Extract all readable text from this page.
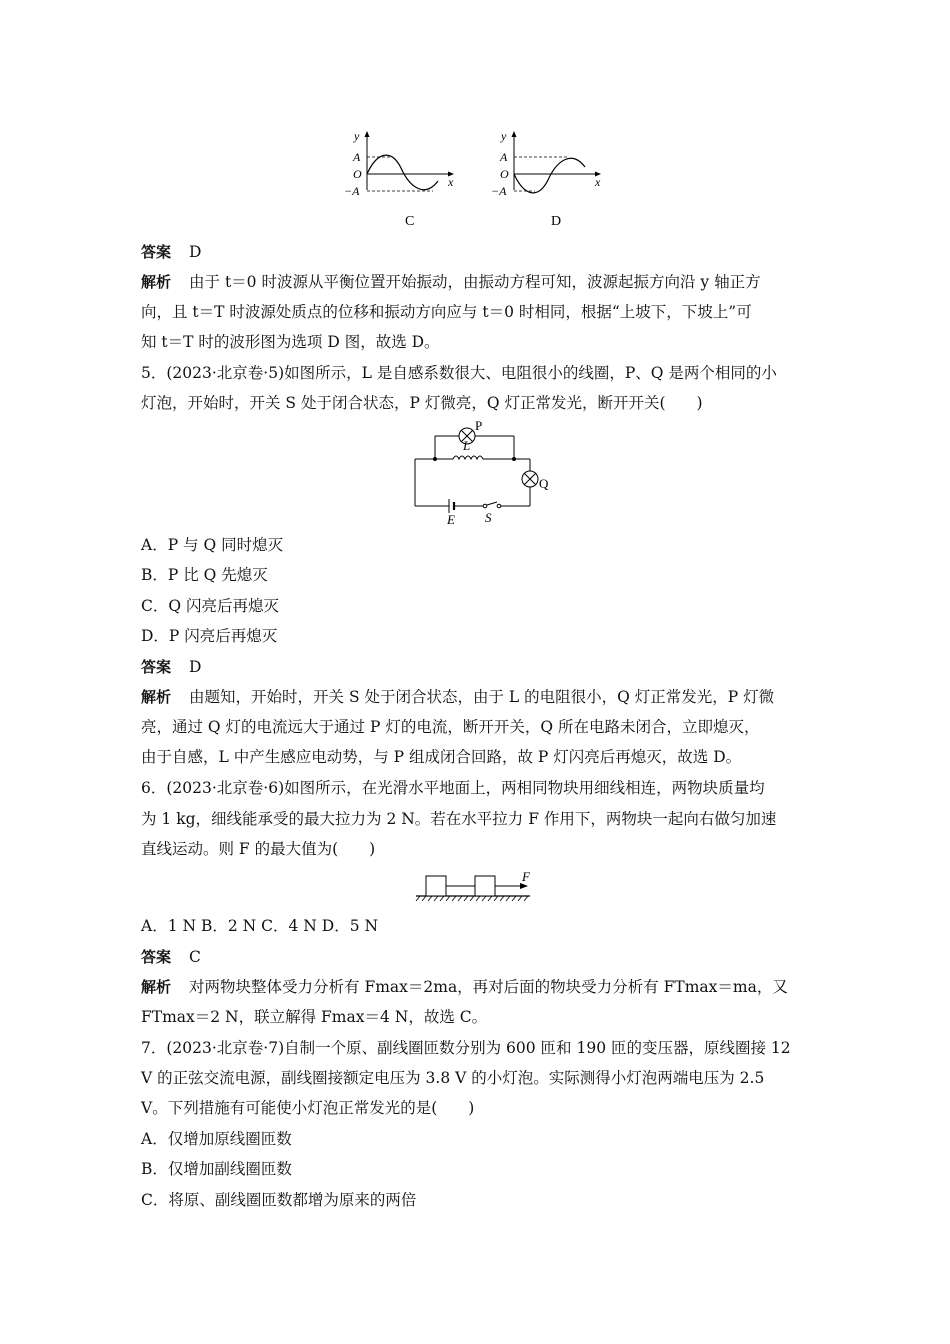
y
x
A
O
−A
C
y
x
A
O
−A
D
答案 D
解析 由于 t＝0 时波源从平衡位置开始振动，由振动方程可知，波源起振方向沿 y 轴正方
向，且 t＝T 时波源处质点的位移和振动方向应与 t＝0 时相同，根据“上坡下，下坡上”可
知 t＝T 时的波形图为选项 D 图，故选 D。
5．(2023·北京卷·5)如图所示，L 是自感系数很大、电阻很小的线圈，P、Q 是两个相同的小
灯泡，开始时，开关 S 处于闭合状态，P 灯微亮，Q 灯正常发光，断开开关(　　)
P
L
E S
Q
A．P 与 Q 同时熄灭
B．P 比 Q 先熄灭
C．Q 闪亮后再熄灭
D．P 闪亮后再熄灭
答案 D
解析 由题知，开始时，开关 S 处于闭合状态，由于 L 的电阻很小，Q 灯正常发光，P 灯微
亮，通过 Q 灯的电流远大于通过 P 灯的电流，断开开关，Q 所在电路未闭合，立即熄灭，
由于自感，L 中产生感应电动势，与 P 组成闭合回路，故 P 灯闪亮后再熄灭，故选 D。
6．(2023·北京卷·6)如图所示，在光滑水平地面上，两相同物块用细线相连，两物块质量均
为 1 kg，细线能承受的最大拉力为 2 N。若在水平拉力 F 作用下，两物块一起向右做匀加速
直线运动。则 F 的最大值为(　　)
F
A．1 N B．2 N C．4 N D．5 N
答案 C
解析 对两物块整体受力分析有 Fmax＝2ma，再对后面的物块受力分析有 FTmax＝ma，又
FTmax＝2 N，联立解得 Fmax＝4 N，故选 C。
7．(2023·北京卷·7)自制一个原、副线圈匝数分别为 600 匝和 190 匝的变压器，原线圈接 12
V 的正弦交流电源，副线圈接额定电压为 3.8 V 的小灯泡。实际测得小灯泡两端电压为 2.5
V。下列措施有可能使小灯泡正常发光的是(　　)
A．仅增加原线圈匝数
B．仅增加副线圈匝数
C．将原、副线圈匝数都增为原来的两倍
